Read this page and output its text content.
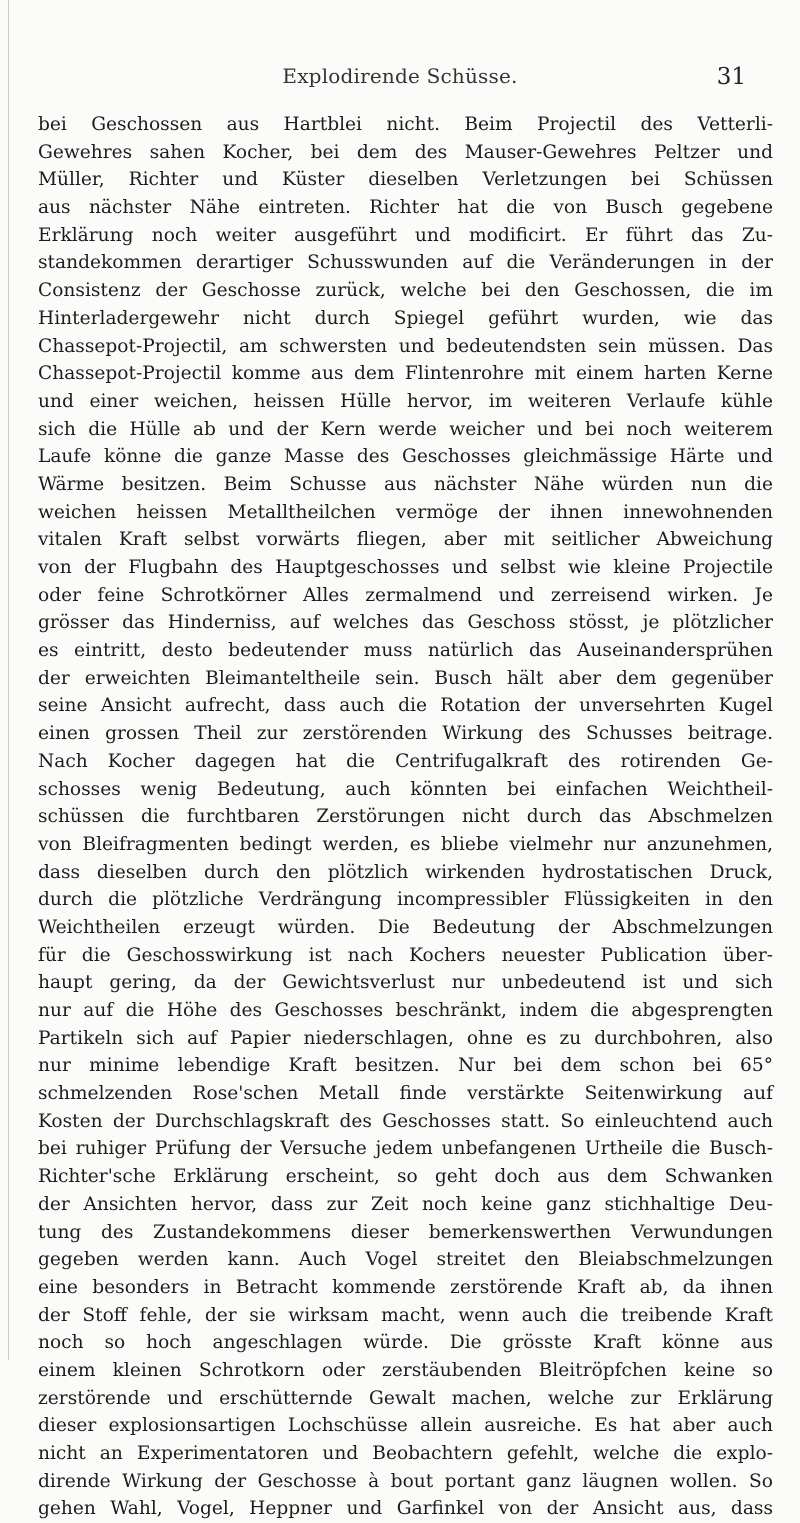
Explodirende Schüsse.	31
bei Geschossen aus Hartblei nicht. Beim Projectil des Vetterli-
Gewehres sahen Kocher, bei dem des Mauser-Gewehres Peltzer und
Müller, Richter und Küster dieselben Verletzungen bei Schüssen
aus nächster Nähe eintreten. Richter hat die von Busch gegebene
Erklärung noch weiter ausgeführt und modificirt. Er führt das Zu-
standekommen derartiger Schusswunden auf die Veränderungen in der
Consistenz der Geschosse zurück, welche bei den Geschossen, die im
Hinterladergewehr nicht durch Spiegel geführt wurden, wie das
Chassepot-Projectil, am schwersten und bedeutendsten sein müssen. Das
Chassepot-Projectil komme aus dem Flintenrohre mit einem harten Kerne
und einer weichen, heissen Hülle hervor, im weiteren Verlaufe kühle
sich die Hülle ab und der Kern werde weicher und bei noch weiterem
Laufe könne die ganze Masse des Geschosses gleichmässige Härte und
Wärme besitzen. Beim Schusse aus nächster Nähe würden nun die
weichen heissen Metalltheilchen vermöge der ihnen innewohnenden
vitalen Kraft selbst vorwärts fliegen, aber mit seitlicher Abweichung
von der Flugbahn des Hauptgeschosses und selbst wie kleine Projectile
oder feine Schrotkörner Alles zermalmend und zerreisend wirken. Je
grösser das Hinderniss, auf welches das Geschoss stösst, je plötzlicher
es eintritt, desto bedeutender muss natürlich das Auseinandersprühen
der erweichten Bleimanteltheile sein. Busch hält aber dem gegenüber
seine Ansicht aufrecht, dass auch die Rotation der unversehrten Kugel
einen grossen Theil zur zerstörenden Wirkung des Schusses beitrage.
Nach Kocher dagegen hat die Centrifugalkraft des rotirenden Ge-
schosses wenig Bedeutung, auch könnten bei einfachen Weichtheil-
schüssen die furchtbaren Zerstörungen nicht durch das Abschmelzen
von Bleifragmenten bedingt werden, es bliebe vielmehr nur anzunehmen,
dass dieselben durch den plötzlich wirkenden hydrostatischen Druck,
durch die plötzliche Verdrängung incompressibler Flüssigkeiten in den
Weichtheilen erzeugt würden. Die Bedeutung der Abschmelzungen
für die Geschosswirkung ist nach Kochers neuester Publication über-
haupt gering, da der Gewichtsverlust nur unbedeutend ist und sich
nur auf die Höhe des Geschosses beschränkt, indem die abgesprengten
Partikeln sich auf Papier niederschlagen, ohne es zu durchbohren, also
nur minime lebendige Kraft besitzen. Nur bei dem schon bei 65°
schmelzenden Rose'schen Metall finde verstärkte Seitenwirkung auf
Kosten der Durchschlagskraft des Geschosses statt. So einleuchtend auch
bei ruhiger Prüfung der Versuche jedem unbefangenen Urtheile die Busch-
Richter'sche Erklärung erscheint, so geht doch aus dem Schwanken
der Ansichten hervor, dass zur Zeit noch keine ganz stichhaltige Deu-
tung des Zustandekommens dieser bemerkenswerthen Verwundungen
gegeben werden kann. Auch Vogel streitet den Bleiabschmelzungen
eine besonders in Betracht kommende zerstörende Kraft ab, da ihnen
der Stoff fehle, der sie wirksam macht, wenn auch die treibende Kraft
noch so hoch angeschlagen würde. Die grösste Kraft könne aus
einem kleinen Schrotkorn oder zerstäubenden Bleitröpfchen keine so
zerstörende und erschütternde Gewalt machen, welche zur Erklärung
dieser explosionsartigen Lochschüsse allein ausreiche. Es hat aber auch
nicht an Experimentatoren und Beobachtern gefehlt, welche die explo-
dirende Wirkung der Geschosse à bout portant ganz läugnen wollen. So
gehen Wahl, Vogel, Heppner und Garfinkel von der Ansicht aus, dass
